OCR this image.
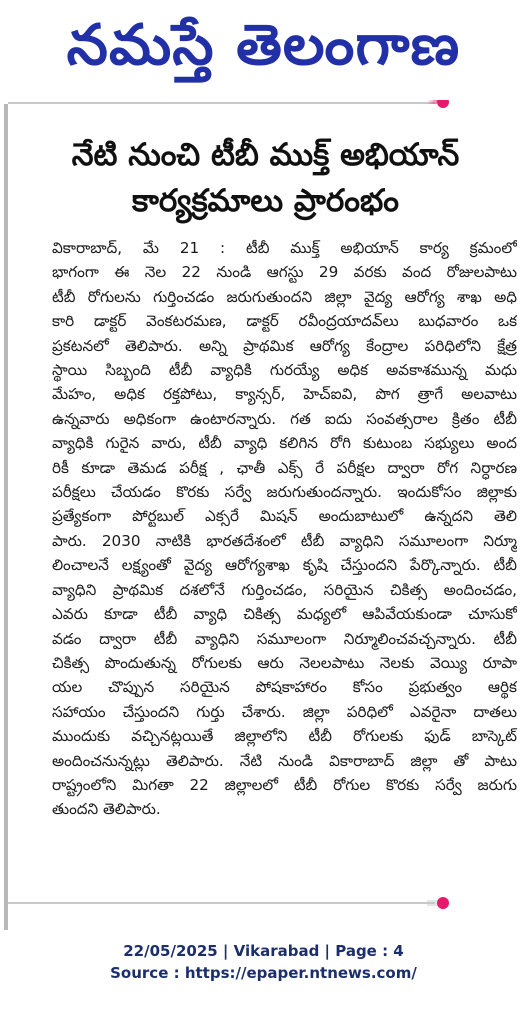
నమస్తే తెలంగాణ
నేటి నుంచి టీబీ ముక్త్ అభియాన్
కార్యక్రమాలు ప్రారంభం
వికారాబాద్, మే 21 : టీబీ ముక్త్ అభియాన్ కార్య క్రమంలో
భాగంగా ఈ నెల 22 నుండి ఆగస్టు 29 వరకు వంద రోజులపాటు
టీబీ రోగులను గుర్తించడం జరుగుతుందని జిల్లా వైద్య ఆరోగ్య శాఖ అధి
కారి డాక్టర్ వెంకటరమణ, డాక్టర్ రవీంద్రయాదవ్‌లు బుధవారం ఒక
ప్రకటనలో తెలిపారు. అన్ని ప్రాథమిక ఆరోగ్య కేంద్రాల పరిధిలోని క్షేత్ర
స్థాయి సిబ్బంది టీబీ వ్యాధికి గురయ్యే అధిక అవకాశమున్న మధు
మేహం, అధిక రక్తపోటు, క్యాన్సర్, హెచ్‌ఐవి, పొగ త్రాగే అలవాటు
ఉన్నవారు అధికంగా ఉంటారన్నారు. గత ఐదు సంవత్సరాల క్రితం టీబీ
వ్యాధికి గురైన వారు, టీబీ వ్యాధి కలిగిన రోగి కుటుంబ సభ్యులు అంద
రికీ కూడా తెమడ పరీక్ష , ఛాతీ ఎక్స్ రే పరీక్షల ద్వారా రోగ నిర్ధారణ
పరీక్షలు చేయడం కొరకు సర్వే జరుగుతుందన్నారు. ఇందుకోసం జిల్లాకు
ప్రత్యేకంగా పోర్టబుల్ ఎక్సరే మిషన్ అందుబాటులో ఉన్నదని తెలి
పారు. 2030 నాటికి భారతదేశంలో టీబీ వ్యాధిని సమూలంగా నిర్మూ
లించాలనే లక్ష్యంతో వైద్య ఆరోగ్యశాఖ కృషి చేస్తుందని పేర్కొన్నారు. టీబీ
వ్యాధిని ప్రాథమిక దశలోనే గుర్తించడం, సరియైన చికిత్స అందించడం,
ఎవరు కూడా టీబీ వ్యాధి చికిత్స మధ్యలో ఆపివేయకుండా చూసుకో
వడం ద్వారా టీబీ వ్యాధిని సమూలంగా నిర్మూలించవచ్చన్నారు. టీబీ
చికిత్స పొందుతున్న రోగులకు ఆరు నెలలపాటు నెలకు వెయ్యి రూపా
యల చొప్పున సరియైన పోషకాహారం కోసం ప్రభుత్వం ఆర్థిక
సహాయం చేస్తుందని గుర్తు చేశారు. జిల్లా పరిధిలో ఎవరైనా దాతలు
ముందుకు వచ్చినట్లయితే జిల్లాలోని టీబీ రోగులకు ఫుడ్ బాస్కెట్
అందించనున్నట్లు తెలిపారు. నేటి నుండి వికారాబాద్ జిల్లా తో పాటు
రాష్ట్రంలోని మిగతా 22 జిల్లాలలో టీబీ రోగుల కొరకు సర్వే జరుగు
తుందని తెలిపారు.
22/05/2025 | Vikarabad | Page : 4
Source : https://epaper.ntnews.com/
